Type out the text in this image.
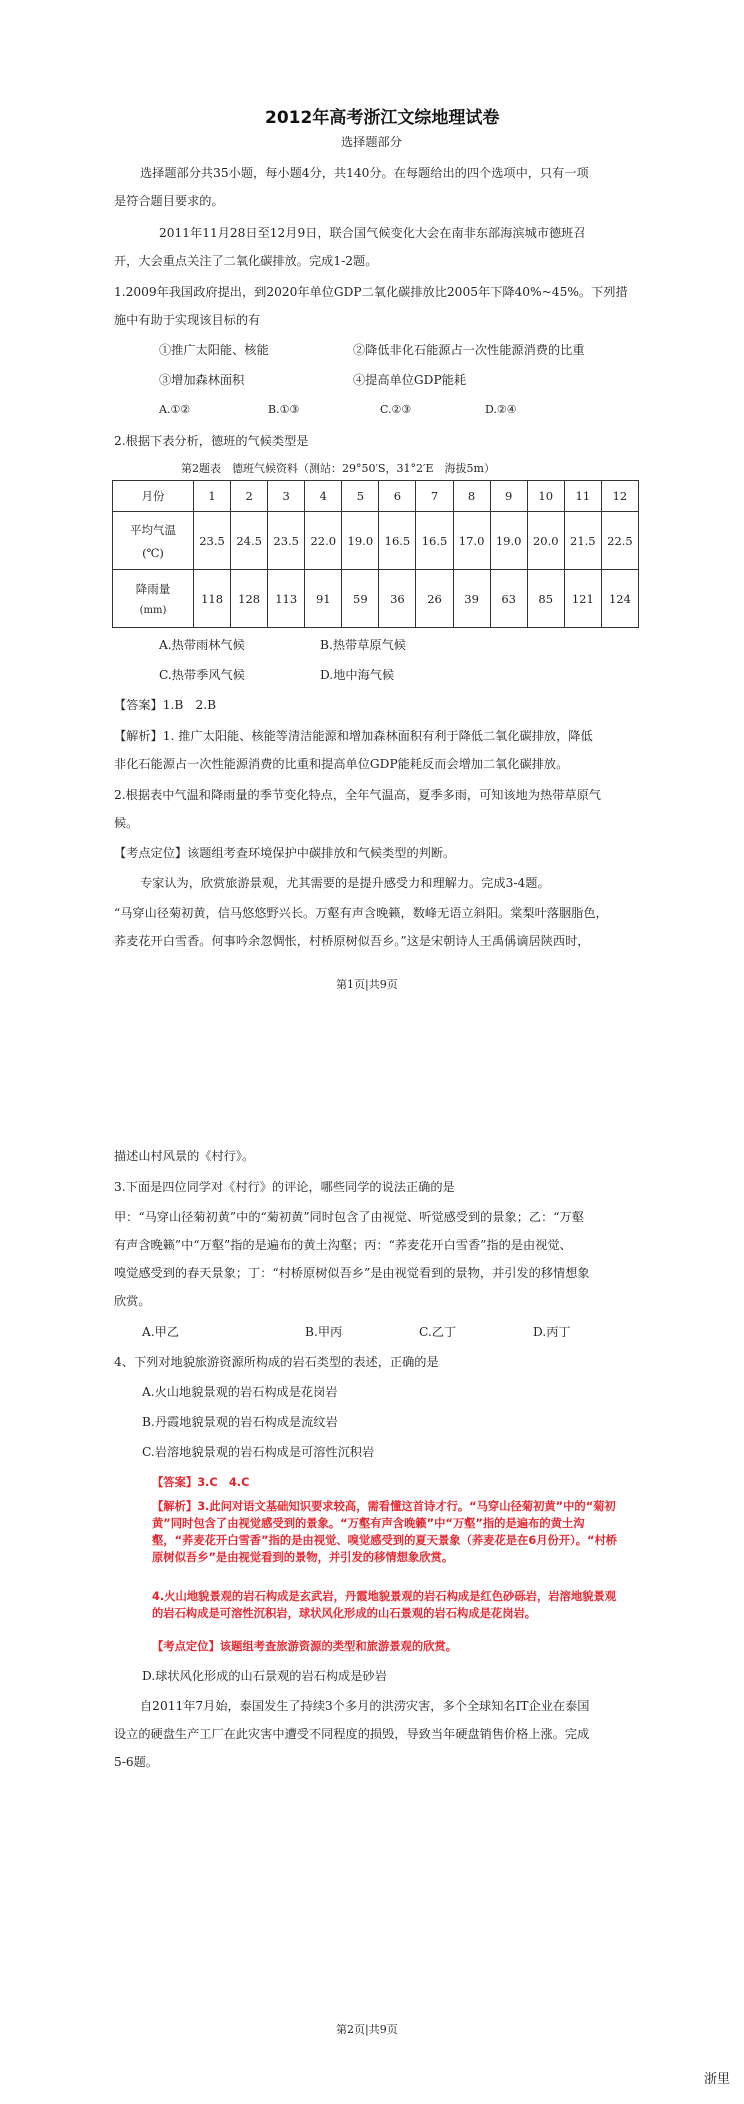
2012年高考浙江文综地理试卷
选择题部分
选择题部分共35小题，每小题4分，共140分。在每题给出的四个选项中，只有一项
是符合题目要求的。
2011年11月28日至12月9日，联合国气候变化大会在南非东部海滨城市德班召
开，大会重点关注了二氧化碳排放。完成1-2题。
1.2009年我国政府提出，到2020年单位GDP二氧化碳排放比2005年下降40%~45%。下列措
施中有助于实现该目标的有
①推广太阳能、核能	②降低非化石能源占一次性能源消费的比重
③增加森林面积	④提高单位GDP能耗
A.①②	B.①③	C.②③	D.②④
2.根据下表分析，德班的气候类型是
第2题表　德班气候资料（测站：29°50′S，31°2′E　海拔5m）
月份	1	2	3	4	5	6	7	8	9	10	11	12

平均气温
(℃)	23.5	24.5	23.5	22.0	19.0	16.5	16.5	17.0	19.0	20.0	21.5	22.5

降雨量
(mm)	118	128	113	91	59	36	26	39	63	85	121	124
A.热带雨林气候	B.热带草原气候
C.热带季风气候	D.地中海气候
【答案】1.B　2.B
【解析】1. 推广太阳能、核能等清洁能源和增加森林面积有利于降低二氧化碳排放，降低
非化石能源占一次性能源消费的比重和提高单位GDP能耗反而会增加二氧化碳排放。
2.根据表中气温和降雨量的季节变化特点，全年气温高，夏季多雨，可知该地为热带草原气
候。
【考点定位】该题组考查环境保护中碳排放和气候类型的判断。
专家认为，欣赏旅游景观，尤其需要的是提升感受力和理解力。完成3-4题。
“马穿山径菊初黄，信马悠悠野兴长。万壑有声含晚籁，数峰无语立斜阳。棠梨叶落胭脂色，
荞麦花开白雪香。何事吟余忽惆怅，村桥原树似吾乡。”这是宋朝诗人王禹偁谪居陕西时，
第1页|共9页
描述山村风景的《村行》。
3.下面是四位同学对《村行》的评论，哪些同学的说法正确的是
甲：“马穿山径菊初黄”中的“菊初黄”同时包含了由视觉、听觉感受到的景象；乙：“万壑
有声含晚籁”中“万壑”指的是遍布的黄土沟壑；丙：“荞麦花开白雪香”指的是由视觉、
嗅觉感受到的春天景象；丁：“村桥原树似吾乡”是由视觉看到的景物，并引发的移情想象
欣赏。
A.甲乙	B.甲丙	C.乙丁	D.丙丁
4、下列对地貌旅游资源所构成的岩石类型的表述，正确的是
A.火山地貌景观的岩石构成是花岗岩
B.丹霞地貌景观的岩石构成是流纹岩
C.岩溶地貌景观的岩石构成是可溶性沉积岩
【答案】3.C　4.C
【解析】3.此问对语文基础知识要求较高，需看懂这首诗才行。“马穿山径菊初黄”中的“菊初黄”同时包含了由视觉感受到的景象。“万壑有声含晚籁”中“万壑”指的是遍布的黄土沟壑，“荞麦花开白雪香”指的是由视觉、嗅觉感受到的夏天景象（荞麦花是在6月份开）。“村桥原树似吾乡”是由视觉看到的景物，并引发的移情想象欣赏。
4.火山地貌景观的岩石构成是玄武岩，丹霞地貌景观的岩石构成是红色砂砾岩，岩溶地貌景观的岩石构成是可溶性沉积岩，球状风化形成的山石景观的岩石构成是花岗岩。
【考点定位】该题组考查旅游资源的类型和旅游景观的欣赏。
D.球状风化形成的山石景观的岩石构成是砂岩
自2011年7月始，泰国发生了持续3个多月的洪涝灾害，多个全球知名IT企业在泰国
设立的硬盘生产工厂在此灾害中遭受不同程度的损毁，导致当年硬盘销售价格上涨。完成
5-6题。
第2页|共9页
浙里
